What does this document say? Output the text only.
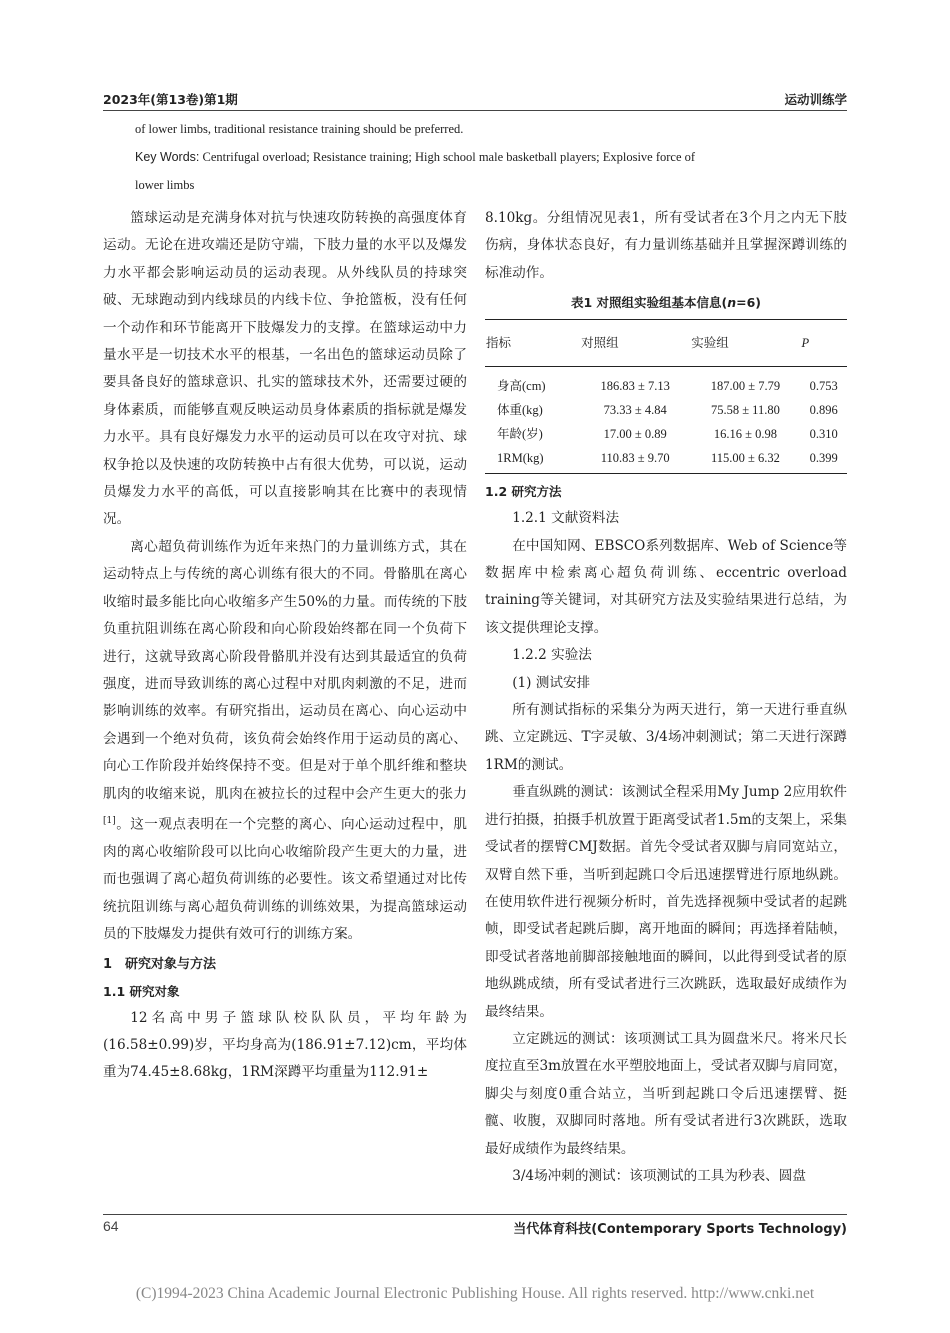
2023年(第13卷)第1期	运动训练学
of lower limbs, traditional resistance training should be preferred.
Key Words: Centrifugal overload; Resistance training; High school male basketball players; Explosive force of
lower limbs

篮球运动是充满身体对抗与快速攻防转换的高强度体育运动。无论在进攻端还是防守端，下肢力量的水平以及爆发力水平都会影响运动员的运动表现。从外线队员的持球突破、无球跑动到内线球员的内线卡位、争抢篮板，没有任何一个动作和环节能离开下肢爆发力的支撑。在篮球运动中力量水平是一切技术水平的根基，一名出色的篮球运动员除了要具备良好的篮球意识、扎实的篮球技术外，还需要过硬的身体素质，而能够直观反映运动员身体素质的指标就是爆发力水平。具有良好爆发力水平的运动员可以在攻守对抗、球权争抢以及快速的攻防转换中占有很大优势，可以说，运动员爆发力水平的高低，可以直接影响其在比赛中的表现情况。

离心超负荷训练作为近年来热门的力量训练方式，其在运动特点上与传统的离心训练有很大的不同。骨骼肌在离心收缩时最多能比向心收缩多产生50%的力量。而传统的下肢负重抗阻训练在离心阶段和向心阶段始终都在同一个负荷下进行，这就导致离心阶段骨骼肌并没有达到其最适宜的负荷强度，进而导致训练的离心过程中对肌肉刺激的不足，进而影响训练的效率。有研究指出，运动员在离心、向心运动中会遇到一个绝对负荷，该负荷会始终作用于运动员的离心、向心工作阶段并始终保持不变。但是对于单个肌纤维和整块肌肉的收缩来说，肌肉在被拉长的过程中会产生更大的张力[1]。这一观点表明在一个完整的离心、向心运动过程中，肌肉的离心收缩阶段可以比向心收缩阶段产生更大的力量，进而也强调了离心超负荷训练的必要性。该文希望通过对比传统抗阻训练与离心超负荷训练的训练效果，为提高篮球运动员的下肢爆发力提供有效可行的训练方案。

1　研究对象与方法
1.1 研究对象

12名高中男子篮球队校队队员，平均年龄为(16.58±0.99)岁，平均身高为(186.91±7.12)cm，平均体重为74.45±8.68kg，1RM深蹲平均重量为112.91±

8.10kg。分组情况见表1，所有受试者在3个月之内无下肢伤病，身体状态良好，有力量训练基础并且掌握深蹲训练的标准动作。

表1 对照组实验组基本信息(n=6)
指标	对照组	实验组	P
身高(cm)	186.83 ± 7.13	187.00 ± 7.79	0.753
体重(kg)	73.33 ± 4.84	75.58 ± 11.80	0.896
年龄(岁)	17.00 ± 0.89	16.16 ± 0.98	0.310
1RM(kg)	110.83 ± 9.70	115.00 ± 6.32	0.399
1.2 研究方法

1.2.1 文献资料法

在中国知网、EBSCO系列数据库、Web of Science等数据库中检索离心超负荷训练、eccentric overload training等关键词，对其研究方法及实验结果进行总结，为该文提供理论支撑。

1.2.2 实验法

(1) 测试安排

所有测试指标的采集分为两天进行，第一天进行垂直纵跳、立定跳远、T字灵敏、3/4场冲刺测试；第二天进行深蹲1RM的测试。

垂直纵跳的测试：该测试全程采用My Jump 2应用软件进行拍摄，拍摄手机放置于距离受试者1.5m的支架上，采集受试者的摆臂CMJ数据。首先令受试者双脚与肩同宽站立，双臂自然下垂，当听到起跳口令后迅速摆臂进行原地纵跳。在使用软件进行视频分析时，首先选择视频中受试者的起跳帧，即受试者起跳后脚，离开地面的瞬间；再选择着陆帧，即受试者落地前脚部接触地面的瞬间，以此得到受试者的原地纵跳成绩，所有受试者进行三次跳跃，选取最好成绩作为最终结果。

立定跳远的测试：该项测试工具为圆盘米尺。将米尺长度拉直至3m放置在水平塑胶地面上，受试者双脚与肩同宽，脚尖与刻度0重合站立，当听到起跳口令后迅速摆臂、挺髋、收腹，双脚同时落地。所有受试者进行3次跳跃，选取最好成绩作为最终结果。

3/4场冲刺的测试：该项测试的工具为秒表、圆盘

64	当代体育科技(Contemporary Sports Technology)
(C)1994-2023 China Academic Journal Electronic Publishing House. All rights reserved. http://www.cnki.net
